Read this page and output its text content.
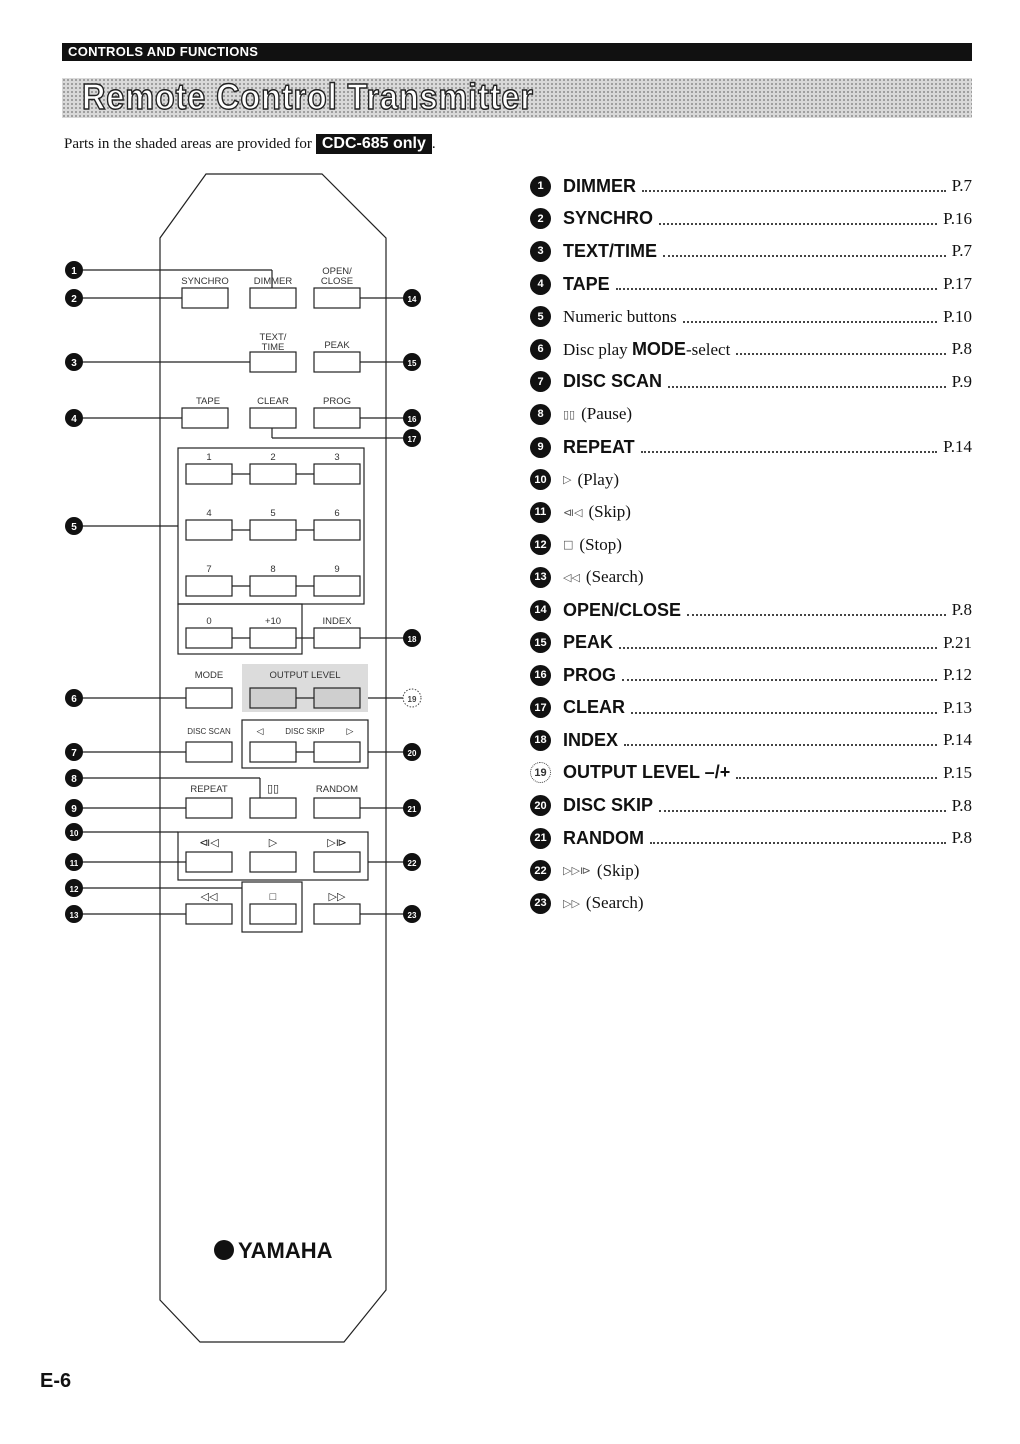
CONTROLS AND FUNCTIONS
Remote Control Transmitter
Parts in the shaded areas are provided for CDC-685 only .
SYNCHRO	DIMMER
OPEN/ CLOSE
TEXT/ TIME	PEAK
TAPE	CLEAR	PROG
1	2	3
4	5	6
7	8	9
0	+10	INDEX
MODE	OUTPUT LEVEL
DISC SCAN	DISC SKIP
REPEAT	RANDOM
▯▯
⧏◁	▷	▷⧐
◁◁	□	▷▷
◁	▷
1
2
3
4
5
6
7
8
9
10
11
12
13
14
15
16
17
18
19
20
21
22
23
YAMAHA
1	DIMMER	P.7
2	SYNCHRO	P.16
3	TEXT/TIME	P.7
4	TAPE	P.17
5	Numeric buttons	P.10
6	Disc play MODE-select	P.8
7	DISC SCAN	P.9
8	▯▯ (Pause)
9	REPEAT	P.14
10	▷ (Play)
11	⧏◁ (Skip)
12	□ (Stop)
13	◁◁ (Search)
14 OPEN/CLOSE	P.8
15 PEAK	P.21
16 PROG	P.12
17 CLEAR	P.13
18 INDEX	P.14
19 OUTPUT LEVEL –/+	P.15
20 DISC SKIP	P.8
21 RANDOM	P.8
22	▷▷⧐ (Skip)
23	▷▷ (Search)
E-6
